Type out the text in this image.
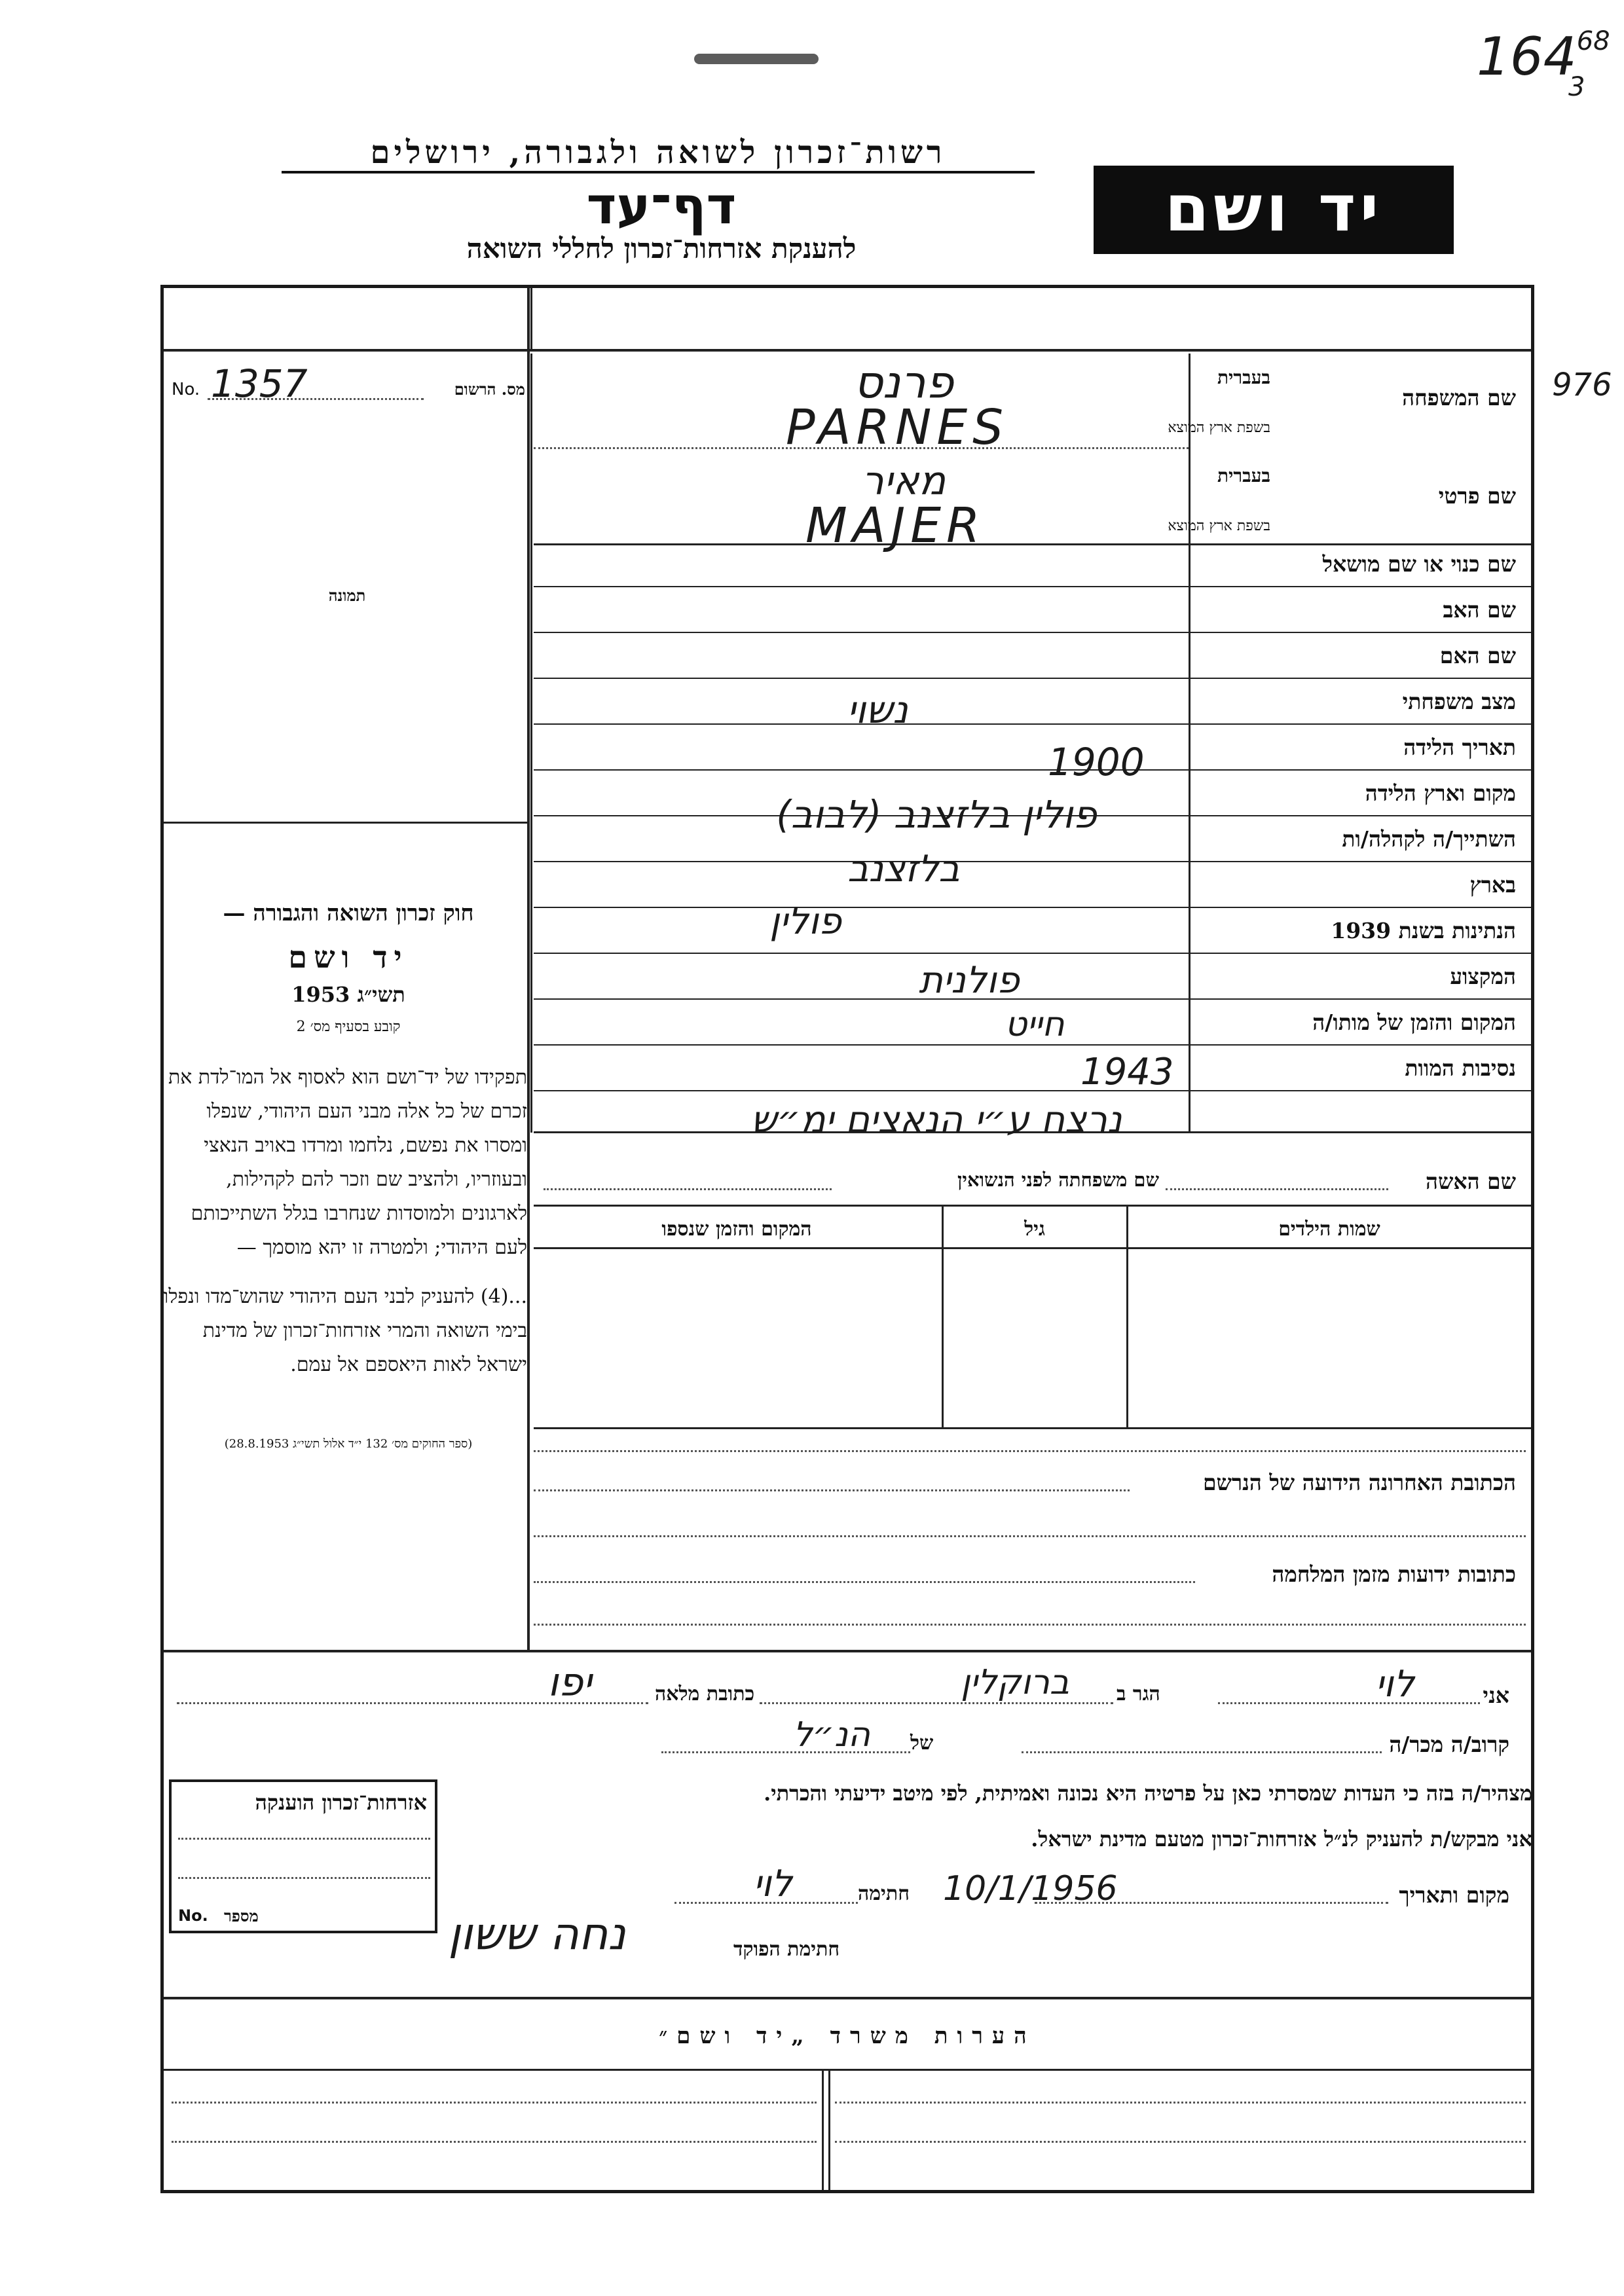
$164^{68}$
3
976
רשות־זכרון לשואה ולגבורה, ירושלים
דף־עד
להענקת אזרחות־זכרון לחללי השואה
יד ושם
No. 1357	מס. הרשום
תמונה
שם המשפחה
בעברית
בשפת ארץ המוצא
שם פרטי
בעברית
בשפת ארץ המוצא
שם כנוי או שם מושאל
שם האב
שם האם
מצב משפחתי
תאריך הלידה
מקום וארץ הלידה
השתייך/ה לקהלה/ות
בארץ
הנתינות בשנת 1939
המקצוע
המקום והזמן של מותו/ה
נסיבות המוות
פרנס
PARNES
מאיר
MAJER
נשוי
1900
פולין בלזצנב (לבוב)
בלזצנב
פולין
פולנית
חייט
1943
נרצח ע״י הנאצים ימ״ש
שם האשה
שם משפחתה לפני הנשואין
שמות הילדים
גיל
המקום והזמן שנספו
חוק זכרון השואה והגבורה —
יד ושם
תשי״ג 1953
קובע בסעיף מס׳ 2
תפקידו של יד־ושם הוא לאסוף אל המו־לדת את זכרם של כל אלה מבני העם היהודי, שנפלו ומסרו את נפשם, נלחמו ומרדו באויב הנאצי ובעוזריו, ולהציב שם וזכר להם לקהילות, לארגונים ולמוסדות שנחרבו בגלל השתייכותם לעם היהודי; ולמטרה זו יהא מוסמך —
...(4) להעניק לבני העם היהודי שהוש־מדו ונפלו בימי השואה והמרי אזרחות־זכרון של מדינת ישראל לאות היאספם אל עמם.
(ספר החוקים מס׳ 132 י״ד אלול תשי״ג 28.8.1953)
הכתובת האחרונה הידועה של הנרשם
כתובות ידועות מזמן המלחמה
אני
לוי
הגר ב
ברוקלין
כתובת מלאה
יפו
קרוב/ה מכר/ה
של
הנ״ל
מצהיר/ה בזה כי העדות שמסרתי כאן על פרטיה היא נכונה ואמיתית, לפי מיטב ידיעתי והכרתי.
אני מבקש/ת להעניק לנ״ל אזרחות־זכרון מטעם מדינת ישראל.
מקום ותאריך
10/1/1956
חתימה
לוי
חתימת הפוקד
נחה ששון
אזרחות־זכרון הוענקה
No. מספר
הערות משרד „יד ושם״
